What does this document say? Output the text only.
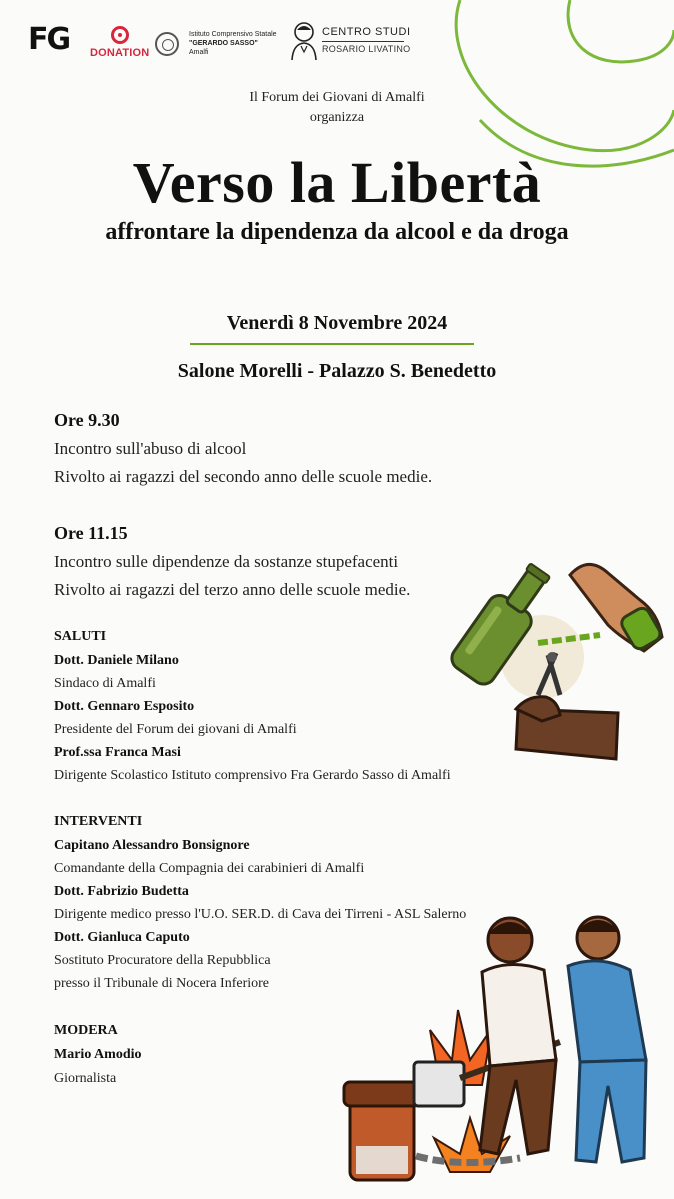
FG	DONATION
Istituto Comprensivo Statale
"GERARDO SASSO"
Amalfi
CENTRO STUDI
ROSARIO LIVATINO
Il Forum dei Giovani di Amalfi
organizza
Verso la Libertà
affrontare la dipendenza da alcool e da droga
Venerdì 8 Novembre 2024
Salone Morelli - Palazzo S. Benedetto
Ore 9.30
Incontro sull'abuso di alcool
Rivolto ai ragazzi del secondo anno delle scuole medie.
Ore 11.15
Incontro sulle dipendenze da sostanze stupefacenti
Rivolto ai ragazzi del terzo anno delle scuole medie.
SALUTI
Dott. Daniele Milano
Sindaco di Amalfi
Dott. Gennaro Esposito
Presidente del Forum dei giovani di Amalfi
Prof.ssa Franca Masi
Dirigente Scolastico Istituto comprensivo Fra Gerardo Sasso di Amalfi
INTERVENTI
Capitano Alessandro Bonsignore
Comandante della Compagnia dei carabinieri di Amalfi
Dott. Fabrizio Budetta
Dirigente medico presso l'U.O. SER.D. di Cava dei Tirreni - ASL Salerno
Dott. Gianluca Caputo
Sostituto Procuratore della Repubblica
presso il Tribunale di Nocera Inferiore
MODERA
Mario Amodio
Giornalista
